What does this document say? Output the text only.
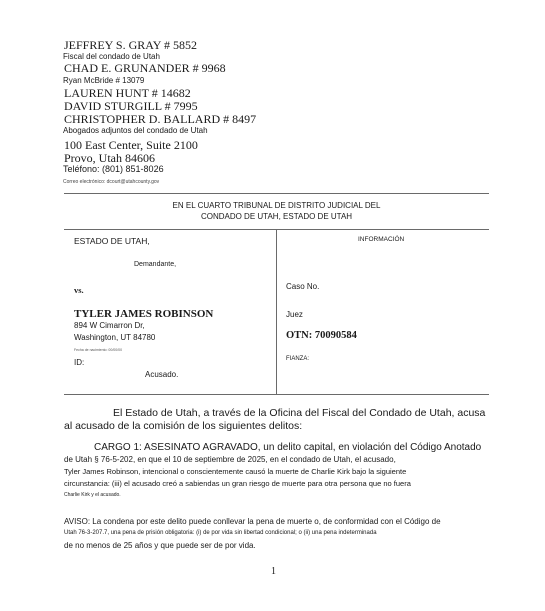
JEFFREY S. GRAY # 5852
Fiscal del condado de Utah
CHAD E. GRUNANDER # 9968
Ryan McBride # 13079
LAUREN HUNT # 14682
DAVID STURGILL # 7995
CHRISTOPHER D. BALLARD # 8497
Abogados adjuntos del condado de Utah
100 East Center, Suite 2100
Provo, Utah 84606
Teléfono: (801) 851-8026
Correo electrónico: dcourt@utahcounty.gov
EN EL CUARTO TRIBUNAL DE DISTRITO JUDICIAL DEL
CONDADO DE UTAH, ESTADO DE UTAH
ESTADO DE UTAH,
Demandante,
vs.
TYLER JAMES ROBINSON
894 W Cimarron Dr,
Washington, UT 84780
Fecha de nacimiento: 00/00/00
ID:
Acusado.
INFORMACIÓN
Caso No.
Juez
OTN: 70090584
FIANZA:
El Estado de Utah, a través de la Oficina del Fiscal del Condado de Utah, acusa
al acusado de la comisión de los siguientes delitos:
CARGO 1: ASESINATO AGRAVADO, un delito capital, en violación del Código Anotado
de Utah § 76-5-202, en que el 10 de septiembre de 2025, en el condado de Utah, el acusado,
Tyler James Robinson, intencional o conscientemente causó la muerte de Charlie Kirk bajo la siguiente
circunstancia: (iii) el acusado creó a sabiendas un gran riesgo de muerte para otra persona que no fuera
Charlie Kirk y el acusado.
AVISO: La condena por este delito puede conllevar la pena de muerte o, de conformidad con el Código de
Utah 76-3-207.7, una pena de prisión obligatoria: (i) de por vida sin libertad condicional; o (ii) una pena indeterminada
de no menos de 25 años y que puede ser de por vida.
1
